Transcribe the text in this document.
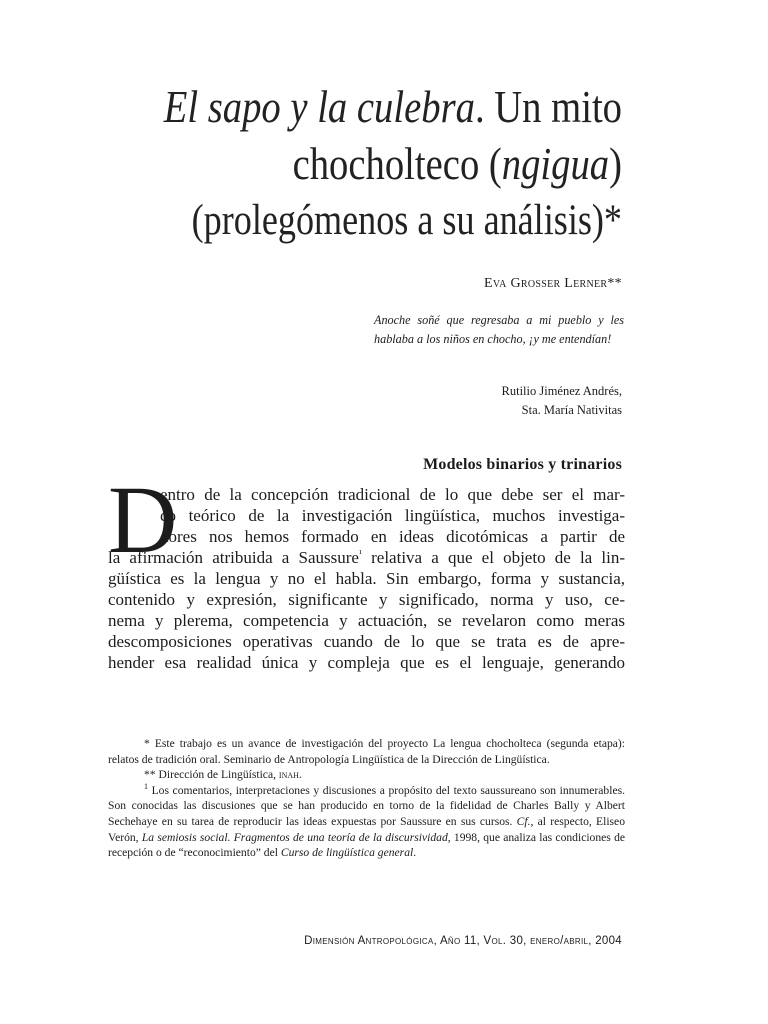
El sapo y la culebra. Un mito
chocholteco (ngigua)
(prolegómenos a su análisis)*
Eva Grosser Lerner**
Anoche soñé que regresaba a mi pueblo y les hablaba a los niños en chocho, ¡y me entendían!
Rutilio Jiménez Andrés,
Sta. María Nativitas
Modelos binarios y trinarios
D
entro de la concepción tradicional de lo que debe ser el mar-
co teórico de la investigación lingüística, muchos investiga-
dores nos hemos formado en ideas dicotómicas a partir de
la afirmación atribuida a Saussure$^{^1}$ relativa a que el objeto de la lin-
güística es la lengua y no el habla. Sin embargo, forma y sustancia,
contenido y expresión, significante y significado, norma y uso, ce-
nema y plerema, competencia y actuación, se revelaron como meras
descomposiciones operativas cuando de lo que se trata es de apre-
hender esa realidad única y compleja que es el lenguaje, generando

* Este trabajo es un avance de investigación del proyecto La lengua chocholteca (segunda etapa): relatos de tradición oral. Seminario de Antropología Lingüística de la Dirección de Lingüística.

** Dirección de Lingüística, inah.

$^1$ Los comentarios, interpretaciones y discusiones a propósito del texto saussureano son innumerables. Son conocidas las discusiones que se han producido en torno de la fidelidad de Charles Bally y Albert Sechehaye en su tarea de reproducir las ideas expuestas por Saussure en sus cursos. Cf., al respecto, Eliseo Verón, La semiosis social. Fragmentos de una teoría de la discursividad, 1998, que analiza las condiciones de recepción o de “reconocimiento” del Curso de lingüística general.

Dimensión Antropológica, Año 11, Vol. 30, enero/abril, 2004
